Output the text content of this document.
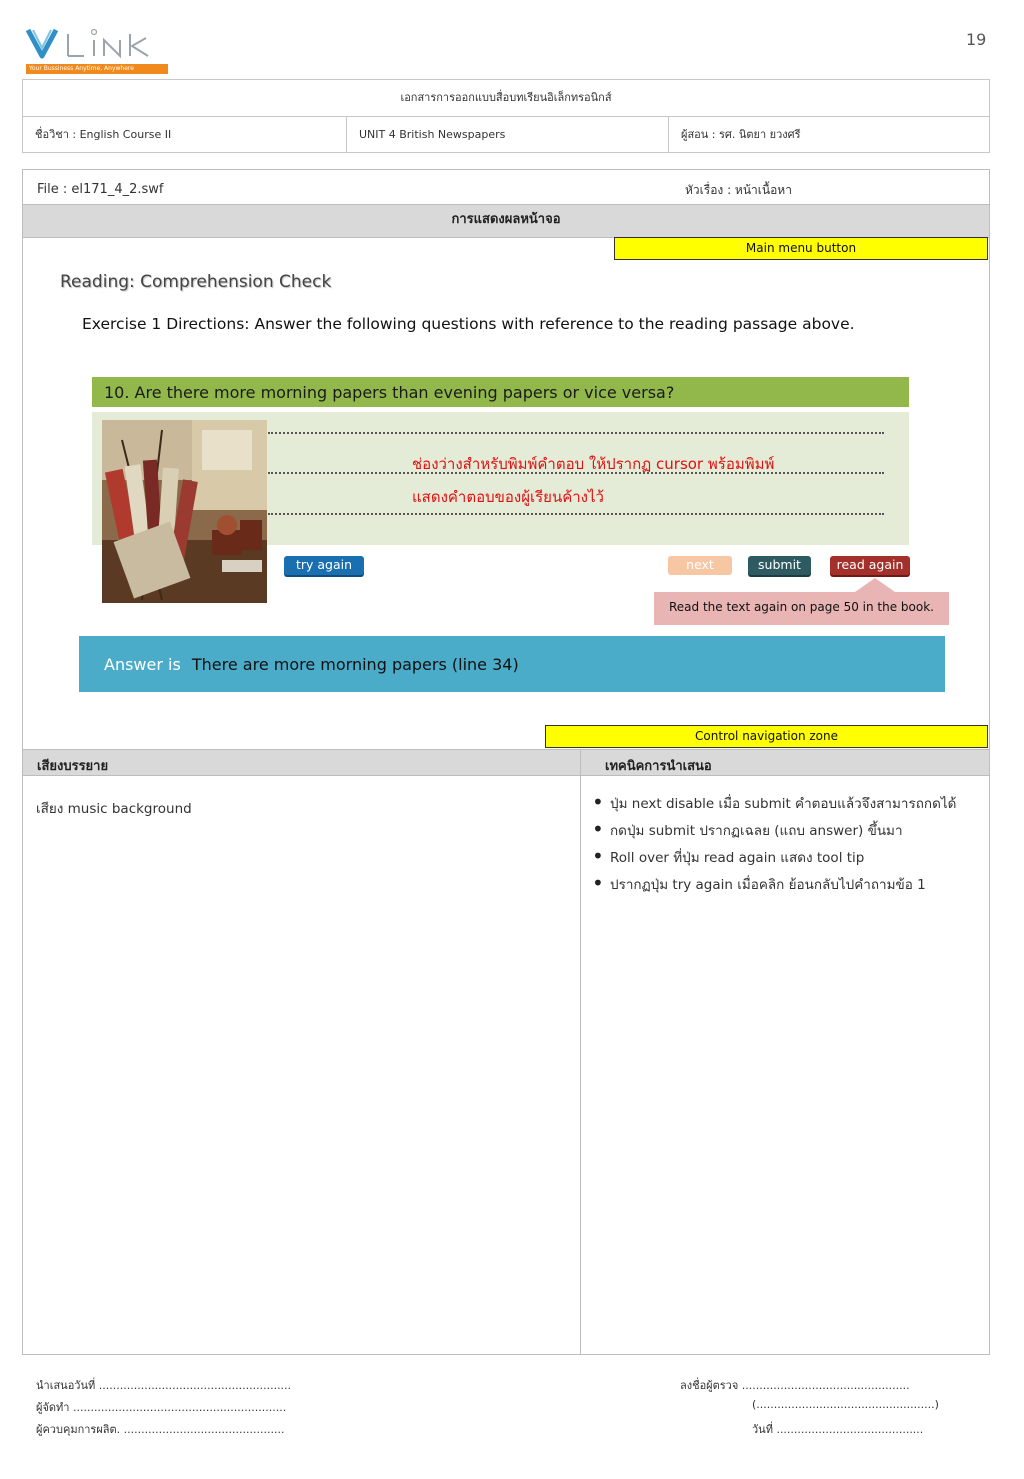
19
Your Bussiness Anytime, Anywhere
เอกสารการออกแบบสื่อบทเรียนอิเล็กทรอนิกส์
ชื่อวิชา : English Course II	UNIT 4 British Newspapers	ผู้สอน : รศ. นิตยา ยวงศรี
File : el171_4_2.swf	หัวเรื่อง : หน้าเนื้อหา
การแสดงผลหน้าจอ
Main menu button
Reading: Comprehension Check
Exercise 1 Directions: Answer the following questions with reference to the reading passage above.
10. Are there more morning papers than evening papers or vice versa?
ช่องว่างสำหรับพิมพ์คำตอบ ให้ปรากฏ cursor พร้อมพิมพ์
แสดงคำตอบของผู้เรียนค้างไว้
try again	next	submit	read again
Read the text again on page 50 in the book.
Answer is There are more morning papers (line 34)
Control navigation zone
เสียงบรรยาย	เทคนิคการนำเสนอ
เสียง music background
•	ปุ่ม next disable เมื่อ submit คำตอบแล้วจึงสามารถกดได้
• กดปุ่ม submit ปรากฏเฉลย (แถบ answer) ขึ้นมา
• Roll over ที่ปุ่ม read again แสดง tool tip
• ปรากฏปุ่ม try again เมื่อคลิก ย้อนกลับไปคำถามข้อ 1
นำเสนอวันที่ .......................................................
ผู้จัดทำ .............................................................
ผู้ควบคุมการผลิต. ..............................................
ลงชื่อผู้ตรวจ ................................................
(...................................................)
วันที่ ..........................................
